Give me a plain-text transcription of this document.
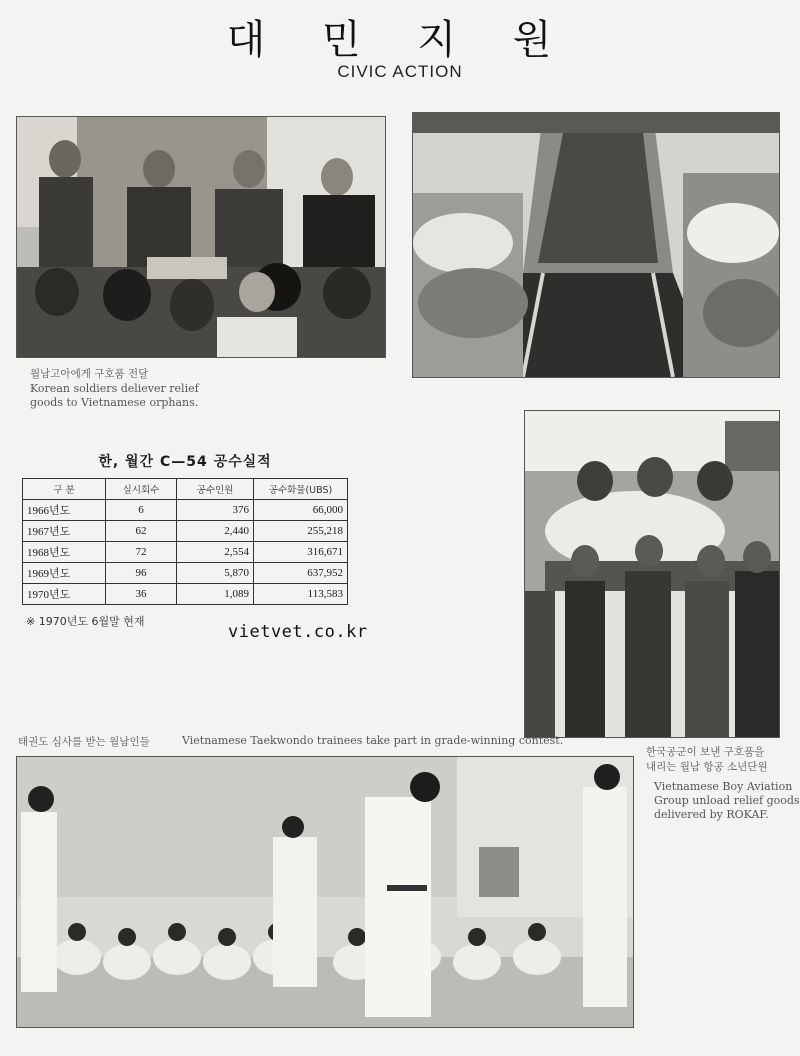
대 민 지 원
CIVIC ACTION
월남고아에게 구호품 전달
Korean soldiers deliever relief
goods to Vietnamese orphans.
한, 월간 C—54 공수실적
구 분	실시회수	공수인원	공수화물(UBS)
1966년도	6	376	66,000
1967년도	62	2,440	255,218
1968년도	72	2,554	316,671
1969년도	96	5,870	637,952
1970년도	36	1,089	113,583
※ 1970년도 6월말 현재
vietvet.co.kr
한국공군이 보낸 구호품을
내리는 월남 항공 소년단원
Vietnamese Boy Aviation
Group unload relief goods
delivered by ROKAF.
태권도 심사를 받는 월남인들	Vietnamese Taekwondo trainees take part in grade-winning contest.
